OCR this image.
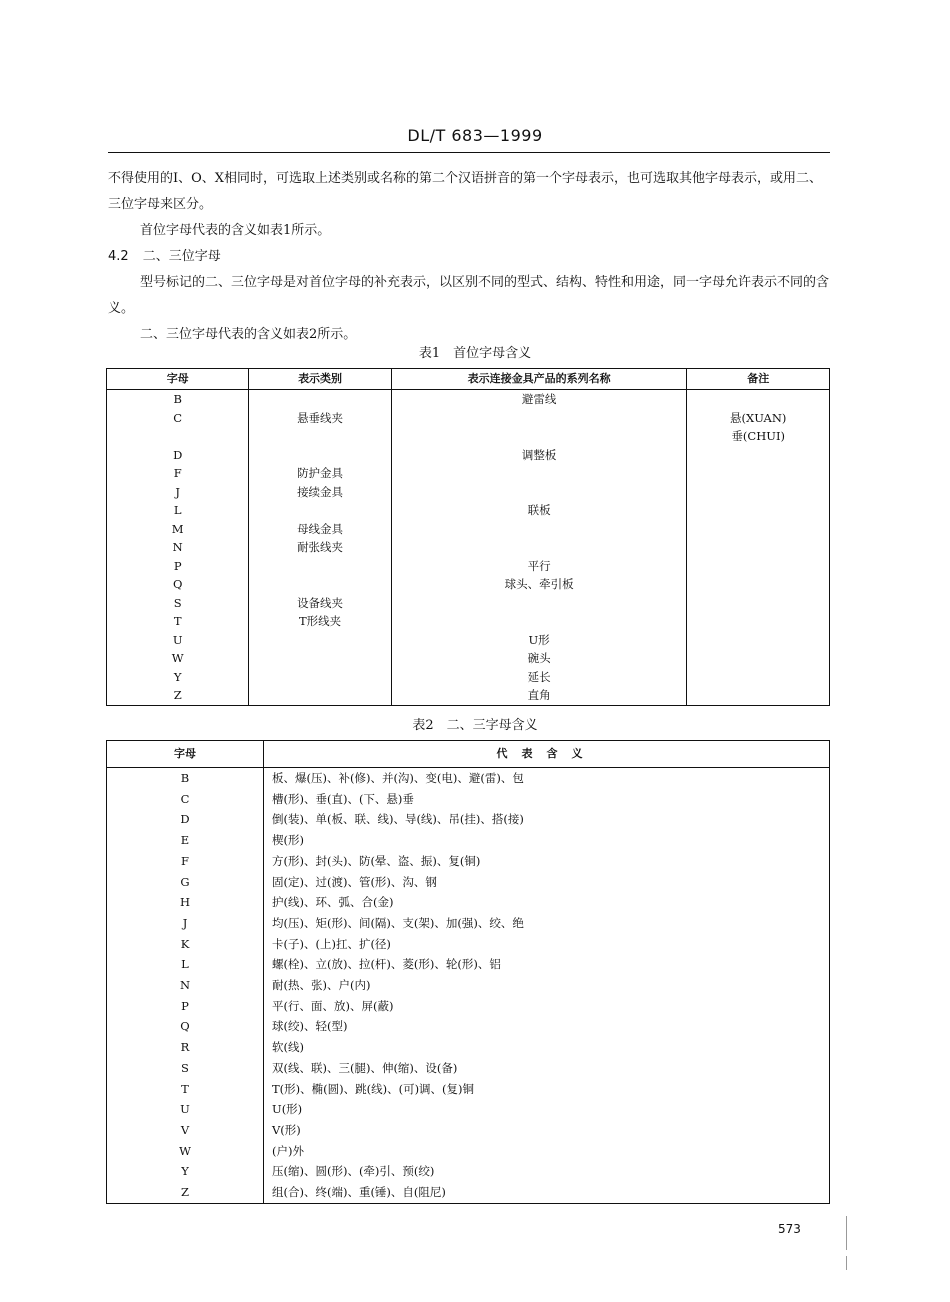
DL/T 683—1999
不得使用的I、O、X相同时，可选取上述类别或名称的第二个汉语拼音的第一个字母表示，也可选取其他字母表示，或用二、三位字母来区分。
首位字母代表的含义如表1所示。
4.2 二、三位字母
型号标记的二、三位字母是对首位字母的补充表示，以区别不同的型式、结构、特性和用途，同一字母允许表示不同的含义。
二、三位字母代表的含义如表2所示。
表1　首位字母含义
字母	表示类别	表示连接金具产品的系列名称	备注
B		避雷线	
C	悬垂线夹		悬(XUAN)
			垂(CHUI)
D		调整板	
F	防护金具		
J	接续金具		
L		联板	
M	母线金具		
N	耐张线夹		
P		平行	
Q		球头、牵引板	
S	设备线夹		
T	T形线夹		
U		U形	
W		碗头	
Y		延长	
Z		直角	
表2　二、三字母含义
字母	代表含义
B	板、爆(压)、补(修)、并(沟)、变(电)、避(雷)、包
C	槽(形)、垂(直)、(下、悬)垂
D	倒(装)、单(板、联、线)、导(线)、吊(挂)、搭(接)
E	楔(形)
F	方(形)、封(头)、防(晕、盗、振)、复(铜)
G	固(定)、过(渡)、管(形)、沟、钢
H	护(线)、环、弧、合(金)
J	均(压)、矩(形)、间(隔)、支(架)、加(强)、绞、绝
K	卡(子)、(上)扛、扩(径)
L	螺(栓)、立(放)、拉(杆)、菱(形)、轮(形)、铝
N	耐(热、张)、户(内)
P	平(行、面、放)、屏(蔽)
Q	球(绞)、轻(型)
R	软(线)
S	双(线、联)、三(腿)、伸(缩)、设(备)
T	T(形)、椭(圆)、跳(线)、(可)调、(复)铜
U	U(形)
V	V(形)
W	(户)外
Y	压(缩)、圆(形)、(牵)引、预(绞)
Z	组(合)、终(端)、重(锤)、自(阻尼)
573
